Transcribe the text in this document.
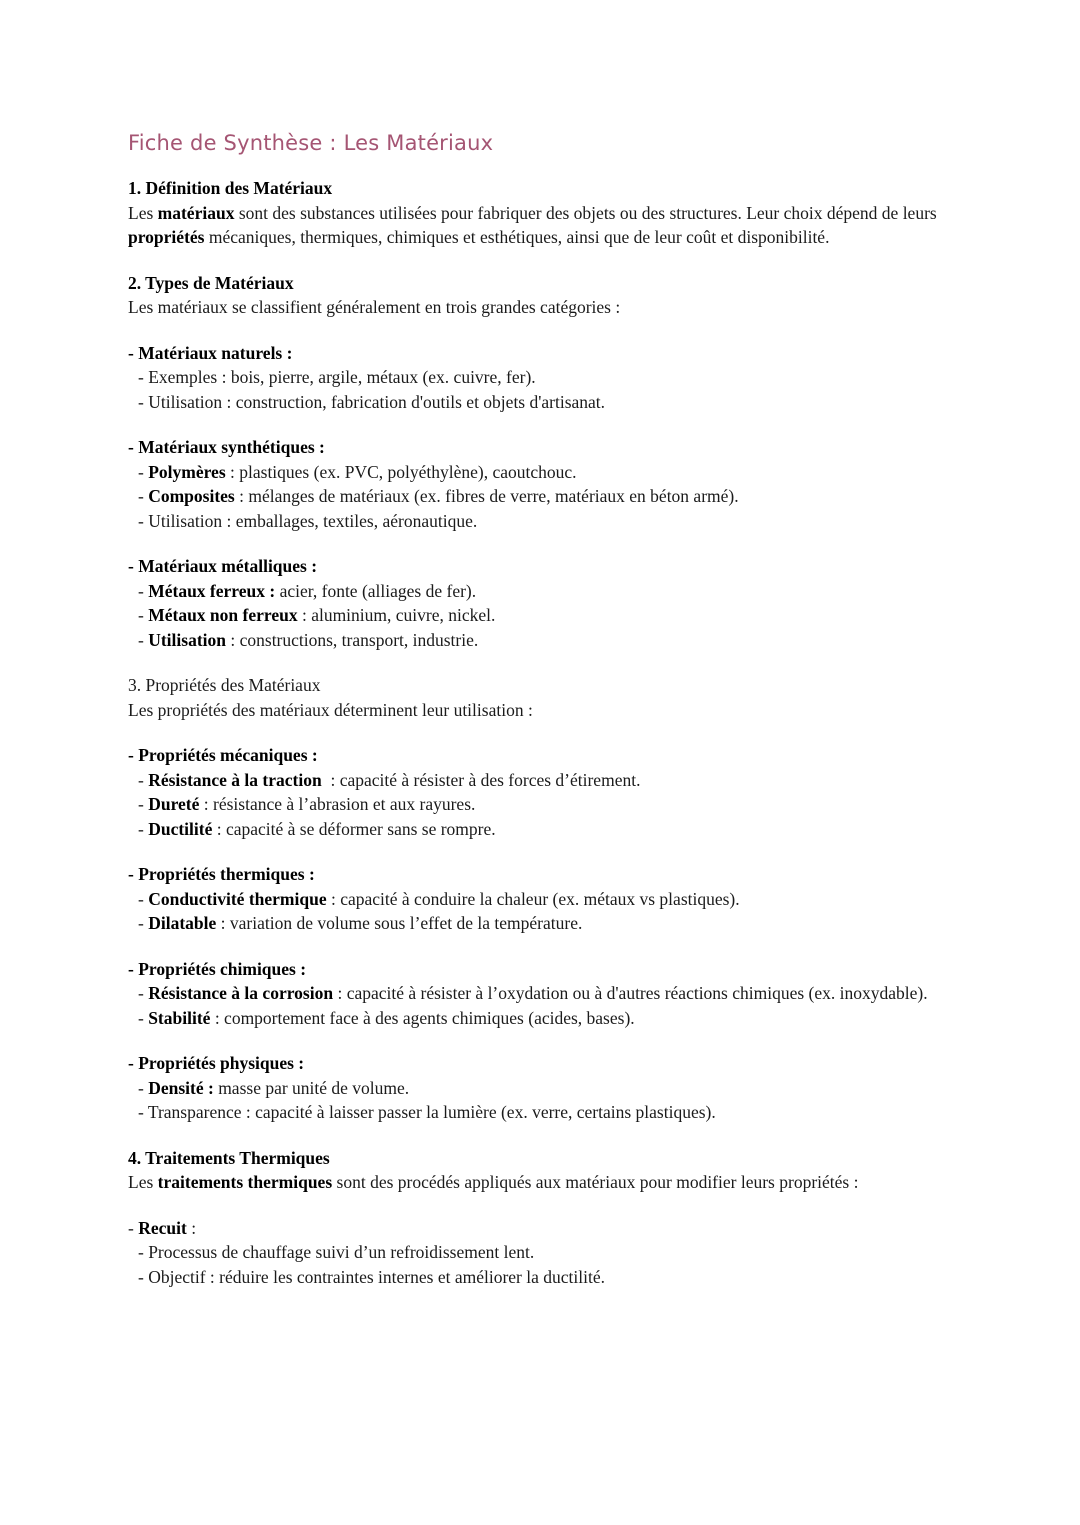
Fiche de Synthèse : Les Matériaux
1. Définition des Matériaux
Les matériaux sont des substances utilisées pour fabriquer des objets ou des structures. Leur choix dépend de leurs propriétés mécaniques, thermiques, chimiques et esthétiques, ainsi que de leur coût et disponibilité.
2. Types de Matériaux
Les matériaux se classifient généralement en trois grandes catégories :
- Matériaux naturels :
- Exemples : bois, pierre, argile, métaux (ex. cuivre, fer).
- Utilisation : construction, fabrication d'outils et objets d'artisanat.
- Matériaux synthétiques :
- Polymères : plastiques (ex. PVC, polyéthylène), caoutchouc.
- Composites : mélanges de matériaux (ex. fibres de verre, matériaux en béton armé).
- Utilisation : emballages, textiles, aéronautique.
- Matériaux métalliques :
- Métaux ferreux : acier, fonte (alliages de fer).
- Métaux non ferreux : aluminium, cuivre, nickel.
- Utilisation : constructions, transport, industrie.
3. Propriétés des Matériaux
Les propriétés des matériaux déterminent leur utilisation :
- Propriétés mécaniques :
- Résistance à la traction  : capacité à résister à des forces d’étirement.
- Dureté : résistance à l’abrasion et aux rayures.
- Ductilité : capacité à se déformer sans se rompre.
- Propriétés thermiques :
- Conductivité thermique : capacité à conduire la chaleur (ex. métaux vs plastiques).
- Dilatable : variation de volume sous l’effet de la température.
- Propriétés chimiques :
- Résistance à la corrosion : capacité à résister à l’oxydation ou à d'autres réactions chimiques (ex. inoxydable).
- Stabilité : comportement face à des agents chimiques (acides, bases).
- Propriétés physiques :
- Densité : masse par unité de volume.
- Transparence : capacité à laisser passer la lumière (ex. verre, certains plastiques).
4. Traitements Thermiques
Les traitements thermiques sont des procédés appliqués aux matériaux pour modifier leurs propriétés :
- Recuit :
- Processus de chauffage suivi d’un refroidissement lent.
- Objectif : réduire les contraintes internes et améliorer la ductilité.
